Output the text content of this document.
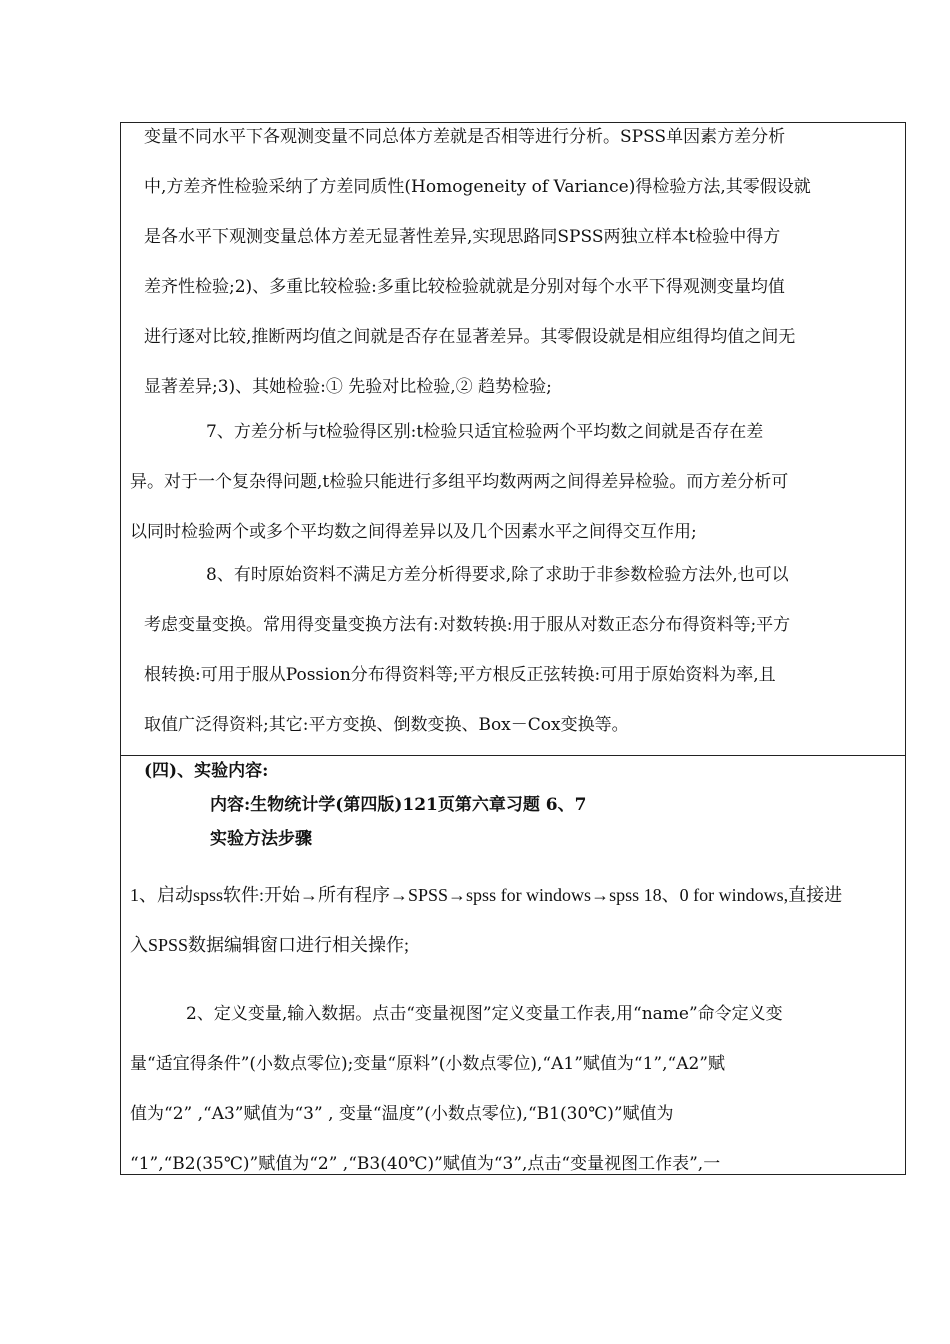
变量不同水平下各观测变量不同总体方差就是否相等进行分析。SPSS单因素方差分析
中,方差齐性检验采纳了方差同质性(Homogeneity of Variance)得检验方法,其零假设就
是各水平下观测变量总体方差无显著性差异,实现思路同SPSS两独立样本t检验中得方
差齐性检验;2)、多重比较检验:多重比较检验就就是分别对每个水平下得观测变量均值
进行逐对比较,推断两均值之间就是否存在显著差异。其零假设就是相应组得均值之间无
显著差异;3)、其她检验:① 先验对比检验,② 趋势检验;
7、方差分析与t检验得区别:t检验只适宜检验两个平均数之间就是否存在差
异。对于一个复杂得问题,t检验只能进行多组平均数两两之间得差异检验。而方差分析可
以同时检验两个或多个平均数之间得差异以及几个因素水平之间得交互作用;
8、有时原始资料不满足方差分析得要求,除了求助于非参数检验方法外,也可以
考虑变量变换。常用得变量变换方法有:对数转换:用于服从对数正态分布得资料等;平方
根转换:可用于服从Possion分布得资料等;平方根反正弦转换:可用于原始资料为率,且
取值广泛得资料;其它:平方变换、倒数变换、Box－Cox变换等。
(四)、实验内容:
内容:生物统计学(第四版)121页第六章习题 6、7
实验方法步骤
1、启动spss软件:开始→所有程序→SPSS→spss for windows→spss 18、0 for windows,直接进
入SPSS数据编辑窗口进行相关操作;
2、定义变量,输入数据。点击“变量视图”定义变量工作表,用“name”命令定义变
量“适宜得条件”(小数点零位);变量“原料”(小数点零位),“A1”赋值为“1”,“A2”赋
值为“2” ,“A3”赋值为“3” , 变量“温度”(小数点零位),“B1(30℃)”赋值为
“1”,“B2(35℃)”赋值为“2” ,“B3(40℃)”赋值为“3”,点击“变量视图工作表”,一
